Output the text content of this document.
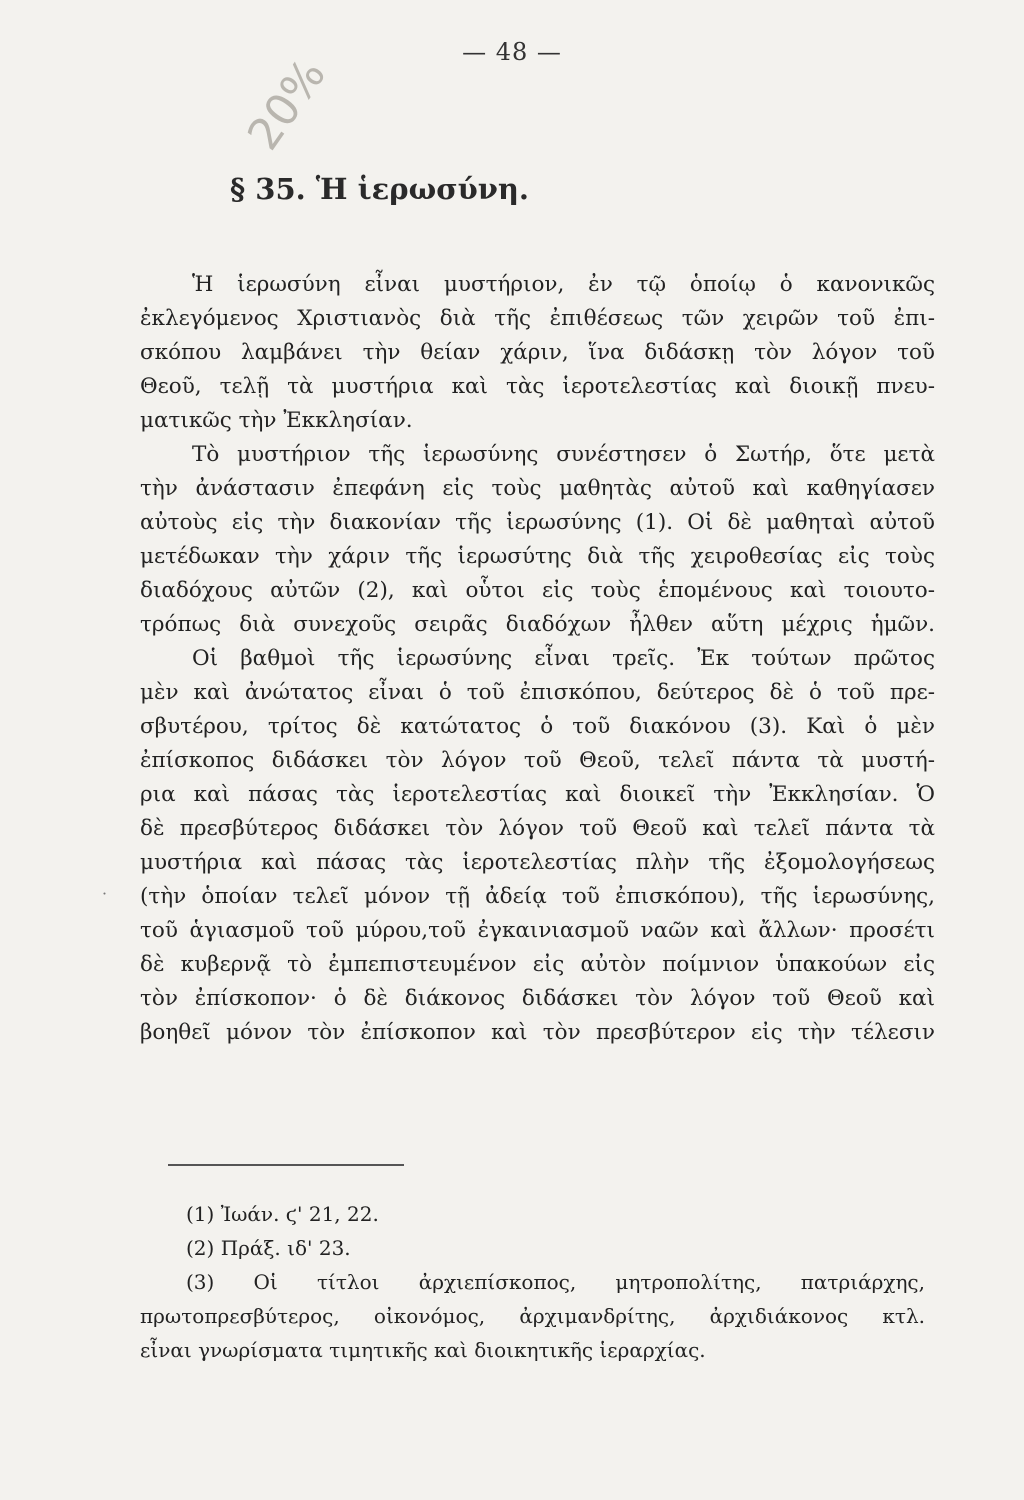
— 48 —
20%
§ 35. Ἡ ἱερωσύνη.
Ἡ ἱερωσύνη εἶναι μυστήριον, ἐν τῷ ὁποίῳ ὁ κανονικῶς
ἐκλεγόμενος Χριστιανὸς διὰ τῆς ἐπιθέσεως τῶν χειρῶν τοῦ ἐπι-
σκόπου λαμβάνει τὴν θείαν χάριν, ἵνα διδάσκῃ τὸν λόγον τοῦ
Θεοῦ, τελῇ τὰ μυστήρια καὶ τὰς ἱεροτελεστίας καὶ διοικῇ πνευ-
ματικῶς τὴν Ἐκκλησίαν.
Τὸ μυστήριον τῆς ἱερωσύνης συνέστησεν ὁ Σωτήρ, ὅτε μετὰ
τὴν ἀνάστασιν ἐπεφάνη εἰς τοὺς μαθητὰς αὐτοῦ καὶ καθηγίασεν
αὐτοὺς εἰς τὴν διακονίαν τῆς ἱερωσύνης (1). Οἱ δὲ μαθηταὶ αὐτοῦ
μετέδωκαν τὴν χάριν τῆς ἱερωσύτης διὰ τῆς χειροθεσίας εἰς τοὺς
διαδόχους αὐτῶν (2), καὶ οὗτοι εἰς τοὺς ἑπομένους καὶ τοιουτο-
τρόπως διὰ συνεχοῦς σειρᾶς διαδόχων ἦλθεν αὕτη μέχρις ἡμῶν.
Οἱ βαθμοὶ τῆς ἱερωσύνης εἶναι τρεῖς. Ἐκ τούτων πρῶτος
μὲν καὶ ἀνώτατος εἶναι ὁ τοῦ ἐπισκόπου, δεύτερος δὲ ὁ τοῦ πρε-
σβυτέρου, τρίτος δὲ κατώτατος ὁ τοῦ διακόνου (3). Καὶ ὁ μὲν
ἐπίσκοπος διδάσκει τὸν λόγον τοῦ Θεοῦ, τελεῖ πάντα τὰ μυστή-
ρια καὶ πάσας τὰς ἱεροτελεστίας καὶ διοικεῖ τὴν Ἐκκλησίαν. Ὁ
δὲ πρεσβύτερος διδάσκει τὸν λόγον τοῦ Θεοῦ καὶ τελεῖ πάντα τὰ
μυστήρια καὶ πάσας τὰς ἱεροτελεστίας πλὴν τῆς ἐξομολογήσεως
(τὴν ὁποίαν τελεῖ μόνον τῇ ἀδείᾳ τοῦ ἐπισκόπου), τῆς ἱερωσύνης,
τοῦ ἁγιασμοῦ τοῦ μύρου,τοῦ ἐγκαινιασμοῦ ναῶν καὶ ἄλλων· προσέτι
δὲ κυβερνᾷ τὸ ἐμπεπιστευμένον εἰς αὐτὸν ποίμνιον ὑπακούων εἰς
τὸν ἐπίσκοπον· ὁ δὲ διάκονος διδάσκει τὸν λόγον τοῦ Θεοῦ καὶ
βοηθεῖ μόνον τὸν ἐπίσκοπον καὶ τὸν πρεσβύτερον εἰς τὴν τέλεσιν
(1) Ἰωάν. ϛ' 21, 22.
(2) Πράξ. ιδ' 23.
(3) Οἱ τίτλοι ἀρχιεπίσκοπος, μητροπολίτης, πατριάρχης,
πρωτοπρεσβύτερος, οἰκονόμος, ἀρχιμανδρίτης, ἀρχιδιάκονος κτλ.
εἶναι γνωρίσματα τιμητικῆς καὶ διοικητικῆς ἱεραρχίας.
˙
